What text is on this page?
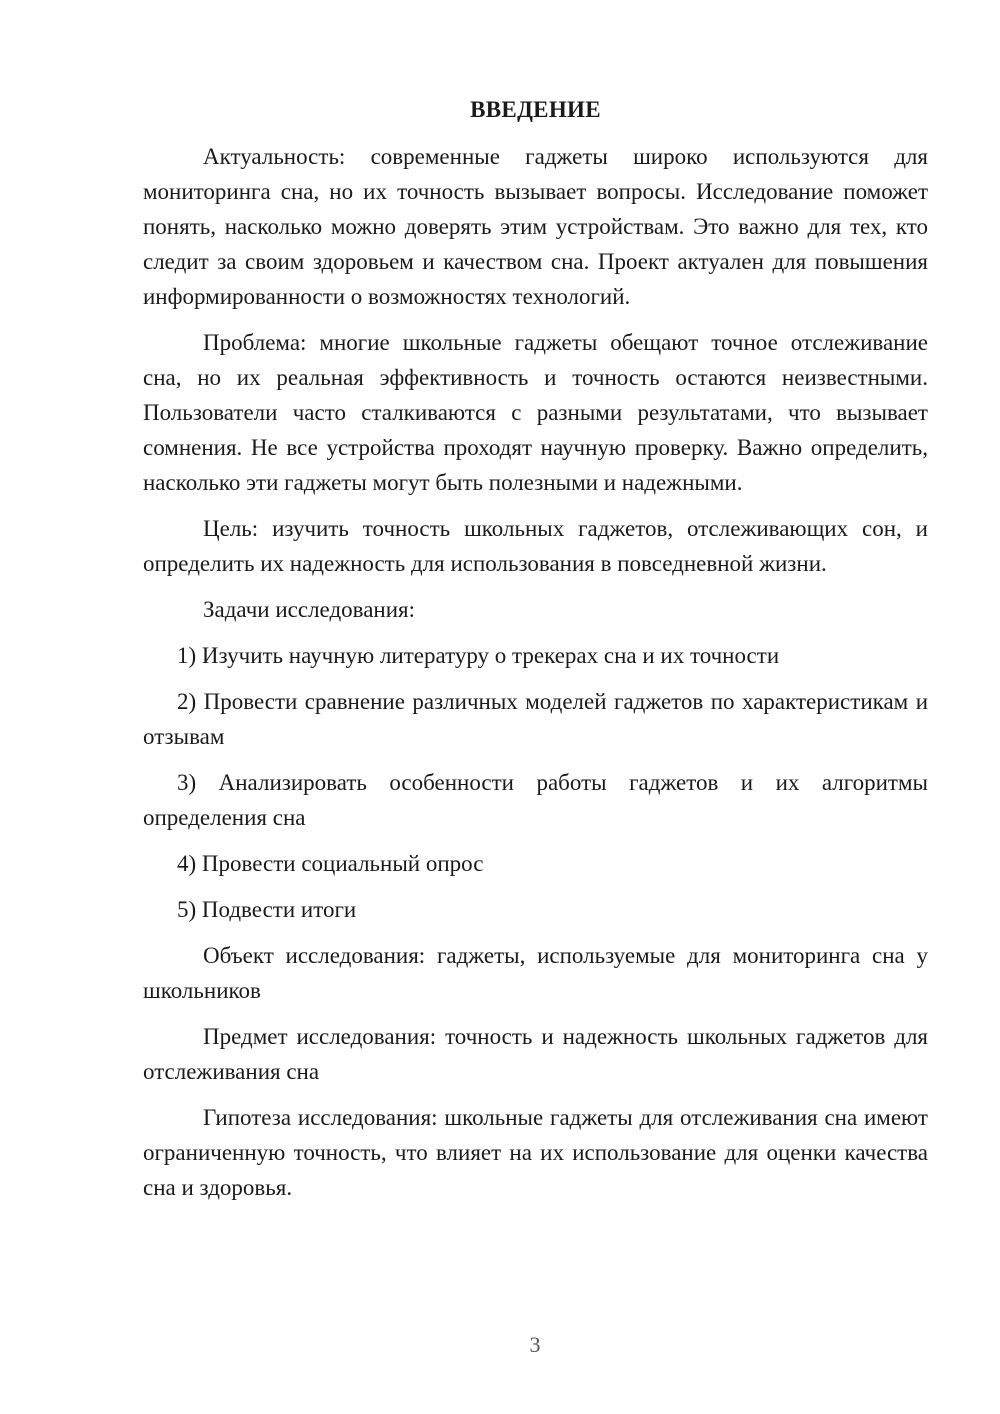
ВВЕДЕНИЕ

Актуальность: современные гаджеты широко используются для мониторинга сна, но их точность вызывает вопросы. Исследование поможет понять, насколько можно доверять этим устройствам. Это важно для тех, кто следит за своим здоровьем и качеством сна. Проект актуален для повышения информированности о возможностях технологий.

Проблема: многие школьные гаджеты обещают точное отслеживание сна, но их реальная эффективность и точность остаются неизвестными. Пользователи часто сталкиваются с разными результатами, что вызывает сомнения. Не все устройства проходят научную проверку. Важно определить, насколько эти гаджеты могут быть полезными и надежными.

Цель: изучить точность школьных гаджетов, отслеживающих сон, и определить их надежность для использования в повседневной жизни.

Задачи исследования:

1) Изучить научную литературу о трекерах сна и их точности

2) Провести сравнение различных моделей гаджетов по характеристикам и отзывам

3) Анализировать особенности работы гаджетов и их алгоритмы определения сна

4) Провести социальный опрос

5) Подвести итоги

Объект исследования: гаджеты, используемые для мониторинга сна у школьников

Предмет исследования: точность и надежность школьных гаджетов для отслеживания сна

Гипотеза исследования: школьные гаджеты для отслеживания сна имеют ограниченную точность, что влияет на их использование для оценки качества сна и здоровья.

3
